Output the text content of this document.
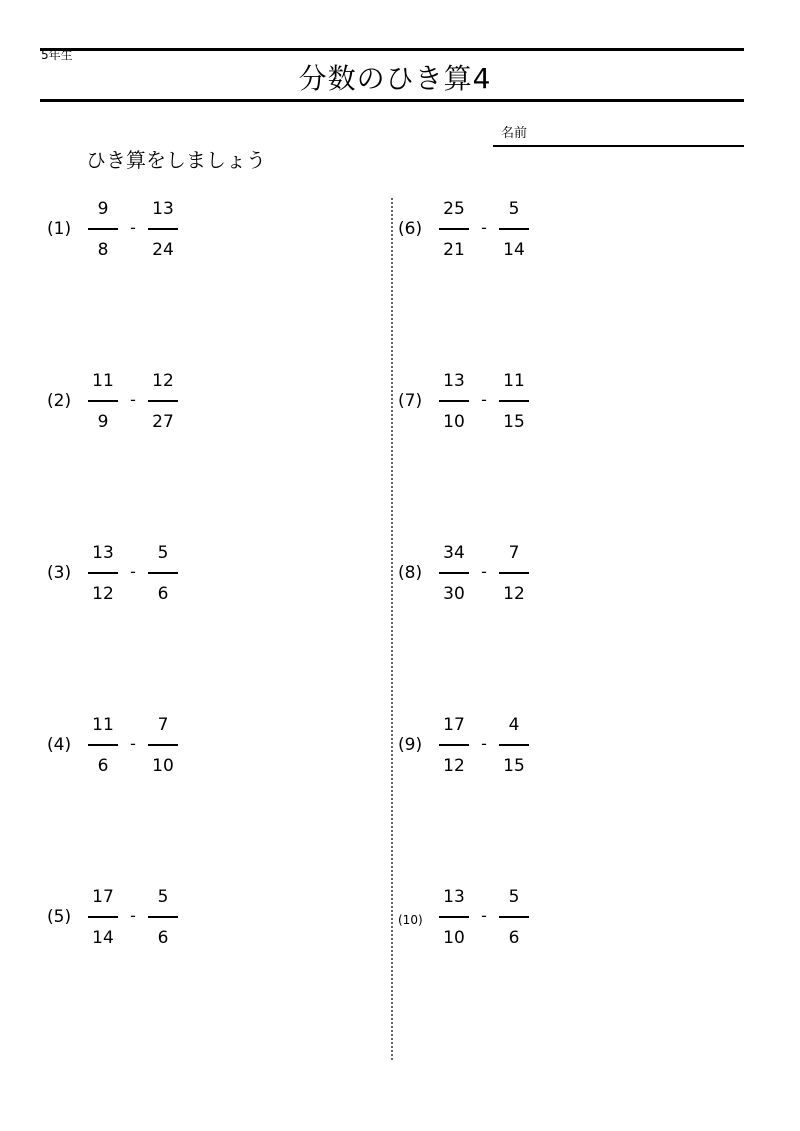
5年生
分数のひき算4
名前
ひき算をしましょう
(1)
9
8
-
13
24
(2)
11
9
-
12
27
(3)
13
12
-
5
6
(4)
11
6
-
7
10
(5)
17
14
-
5
6
(6)
25
21
-
5
14
(7)
13
10
-
11
15
(8)
34
30
-
7
12
(9)
17
12
-
4
15
(10)
13
10
-
5
6
